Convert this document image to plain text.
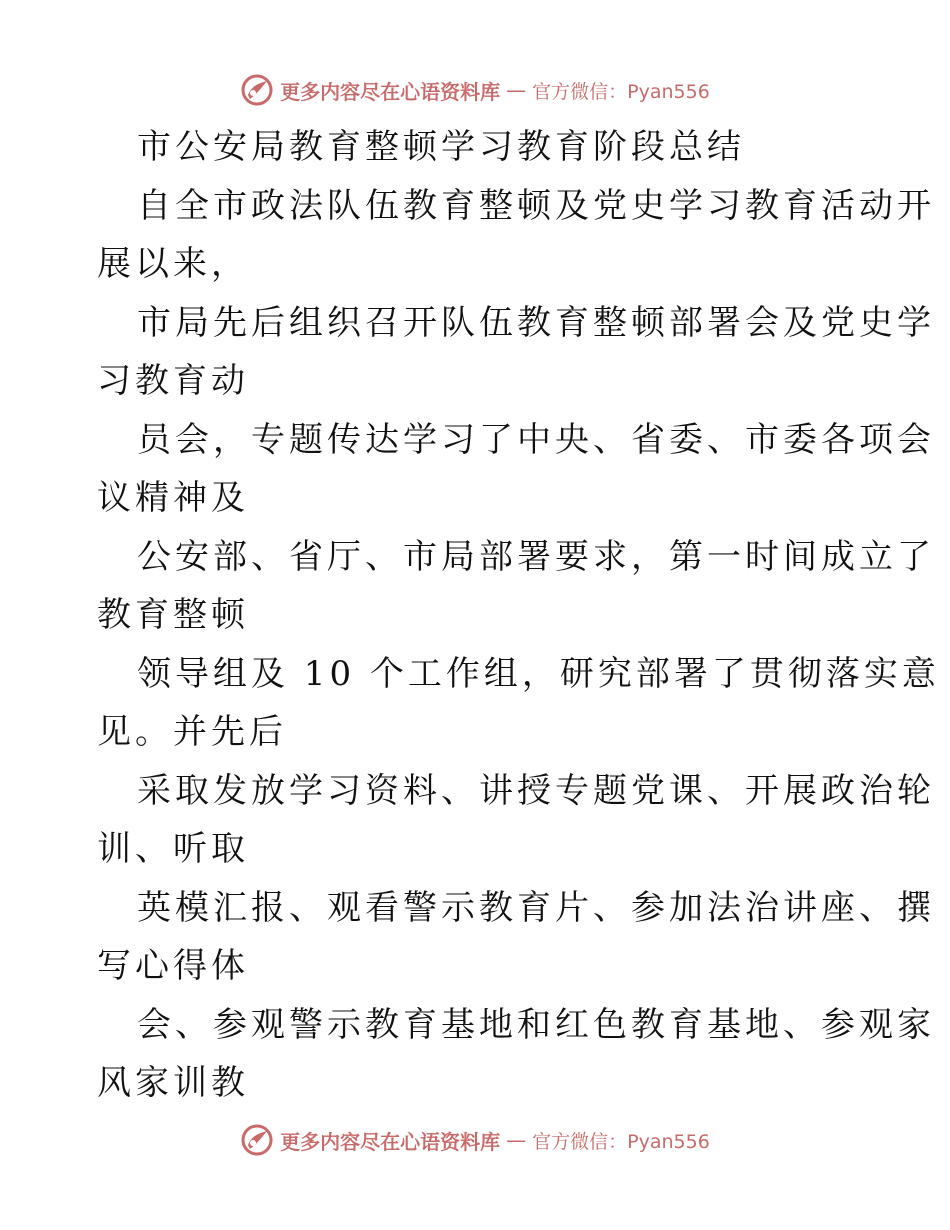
更多内容尽在心语资料库 — 官方微信：Pyan556
市公安局教育整顿学习教育阶段总结
自全市政法队伍教育整顿及党史学习教育活动开
展以来，
市局先后组织召开队伍教育整顿部署会及党史学
习教育动
员会，专题传达学习了中央、省委、市委各项会
议精神及
公安部、省厅、市局部署要求，第一时间成立了
教育整顿
领导组及 10 个工作组，研究部署了贯彻落实意
见。并先后
采取发放学习资料、讲授专题党课、开展政治轮
训、听取
英模汇报、观看警示教育片、参加法治讲座、撰
写心得体
会、参观警示教育基地和红色教育基地、参观家
风家训教
更多内容尽在心语资料库 — 官方微信：Pyan556
